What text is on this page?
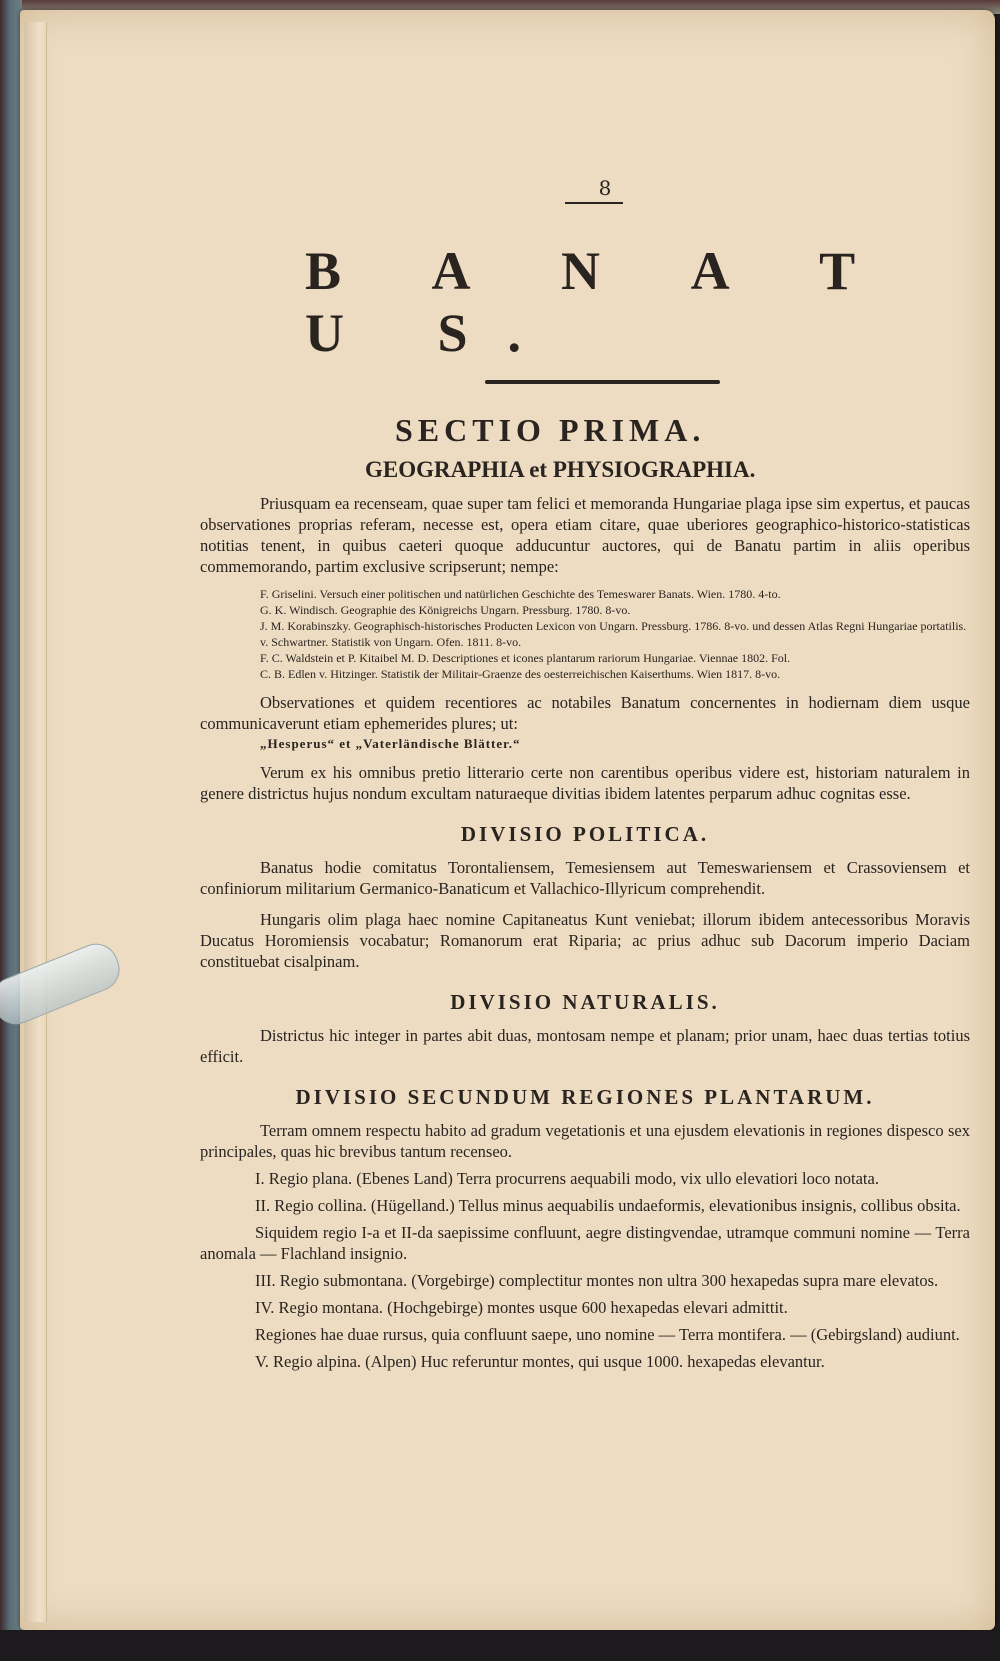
8
B A N A T U S.
SECTIO PRIMA.
GEOGRAPHIA et PHYSIOGRAPHIA.

Priusquam ea recenseam, quae super tam felici et memoranda Hungariae plaga ipse sim expertus, et paucas observationes proprias referam, necesse est, opera etiam citare, quae uberiores geographico-historico-statisticas notitias tenent, in quibus caeteri quoque adducuntur auctores, qui de Banatu partim in aliis operibus commemorando, partim exclusive scripserunt; nempe:

F. Griselini. Versuch einer politischen und natürlichen Geschichte des Temeswarer Banats. Wien. 1780. 4-to.
G. K. Windisch. Geographie des Königreichs Ungarn. Pressburg. 1780. 8-vo.
J. M. Korabinszky. Geographisch-historisches Producten Lexicon von Ungarn. Pressburg. 1786. 8-vo. und dessen Atlas Regni Hungariae portatilis.
v. Schwartner. Statistik von Ungarn. Ofen. 1811. 8-vo.
F. C. Waldstein et P. Kitaibel M. D. Descriptiones et icones plantarum rariorum Hungariae. Viennae 1802. Fol.
C. B. Edlen v. Hitzinger. Statistik der Militair-Graenze des oesterreichischen Kaiserthums. Wien 1817. 8-vo.

Observationes et quidem recentiores ac notabiles Banatum concernentes in hodiernam diem usque communicaverunt etiam ephemerides plures; ut:

„Hesperus“ et „Vaterländische Blätter.“

Verum ex his omnibus pretio litterario certe non carentibus operibus videre est, historiam naturalem in genere districtus hujus nondum excultam naturaeque divitias ibidem latentes perparum adhuc cognitas esse.

DIVISIO POLITICA.

Banatus hodie comitatus Torontaliensem, Temesiensem aut Temeswariensem et Crassoviensem et confiniorum militarium Germanico-Banaticum et Vallachico-Illyricum comprehendit.

Hungaris olim plaga haec nomine Capitaneatus Kunt veniebat; illorum ibidem antecessoribus Moravis Ducatus Horomiensis vocabatur; Romanorum erat Riparia; ac prius adhuc sub Dacorum imperio Daciam constituebat cisalpinam.

DIVISIO NATURALIS.

Districtus hic integer in partes abit duas, montosam nempe et planam; prior unam, haec duas tertias totius efficit.

DIVISIO SECUNDUM REGIONES PLANTARUM.

Terram omnem respectu habito ad gradum vegetationis et una ejusdem elevationis in regiones dispesco sex principales, quas hic brevibus tantum recenseo.

I. Regio plana. (Ebenes Land) Terra procurrens aequabili modo, vix ullo elevatiori loco notata.

II. Regio collina. (Hügelland.) Tellus minus aequabilis undaeformis, elevationibus insignis, collibus obsita.

Siquidem regio I-a et II-da saepissime confluunt, aegre distingvendae, utramque communi nomine — Terra anomala — Flachland insignio.

III. Regio submontana. (Vorgebirge) complectitur montes non ultra 300 hexapedas supra mare elevatos.

IV. Regio montana. (Hochgebirge) montes usque 600 hexapedas elevari admittit.

Regiones hae duae rursus, quia confluunt saepe, uno nomine — Terra montifera. — (Gebirgsland) audiunt.

V. Regio alpina. (Alpen) Huc referuntur montes, qui usque 1000. hexapedas elevantur.
